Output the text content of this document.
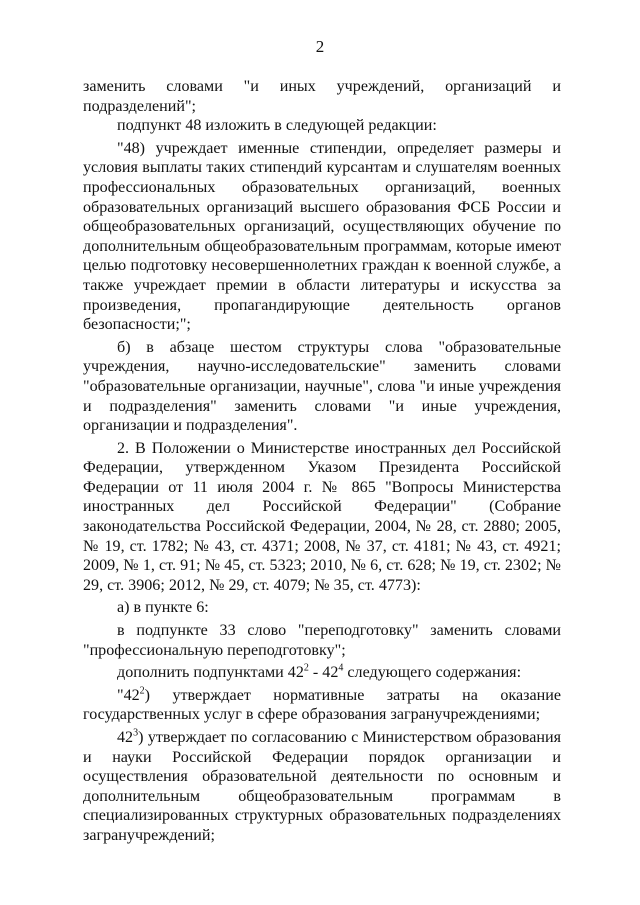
2

заменить словами "и иных учреждений, организаций и подразделений";

подпункт 48 изложить в следующей редакции:

"48) учреждает именные стипендии, определяет размеры и условия выплаты таких стипендий курсантам и слушателям военных профессиональных образовательных организаций, военных образовательных организаций высшего образования ФСБ России и общеобразовательных организаций, осуществляющих обучение по дополнительным общеобразовательным программам, которые имеют целью подготовку несовершеннолетних граждан к военной службе, а также учреждает премии в области литературы и искусства за произведения, пропагандирующие деятельность органов безопасности;";

б) в абзаце шестом структуры слова "образовательные учреждения, научно-исследовательские" заменить словами "образовательные организации, научные", слова "и иные учреждения и подразделения" заменить словами "и иные учреждения, организации и подразделения".

2. В Положении о Министерстве иностранных дел Российской Федерации, утвержденном Указом Президента Российской Федерации от 11 июля 2004 г. № 865 "Вопросы Министерства иностранных дел Российской Федерации" (Собрание законодательства Российской Федерации, 2004, № 28, ст. 2880; 2005, № 19, ст. 1782; № 43, ст. 4371; 2008, № 37, ст. 4181; № 43, ст. 4921; 2009, № 1, ст. 91; № 45, ст. 5323; 2010, № 6, ст. 628; № 19, ст. 2302; № 29, ст. 3906; 2012, № 29, ст. 4079; № 35, ст. 4773):

а) в пункте 6:

в подпункте 33 слово "переподготовку" заменить словами "профессиональную переподготовку";

дополнить подпунктами $42^2 - 42^4$ следующего содержания:

"$42^2$) утверждает нормативные затраты на оказание государственных услуг в сфере образования загранучреждениями;

$42^3$) утверждает по согласованию с Министерством образования и науки Российской Федерации порядок организации и осуществления образовательной деятельности по основным и дополнительным общеобразовательным программам в специализированных структурных образовательных подразделениях загранучреждений;
